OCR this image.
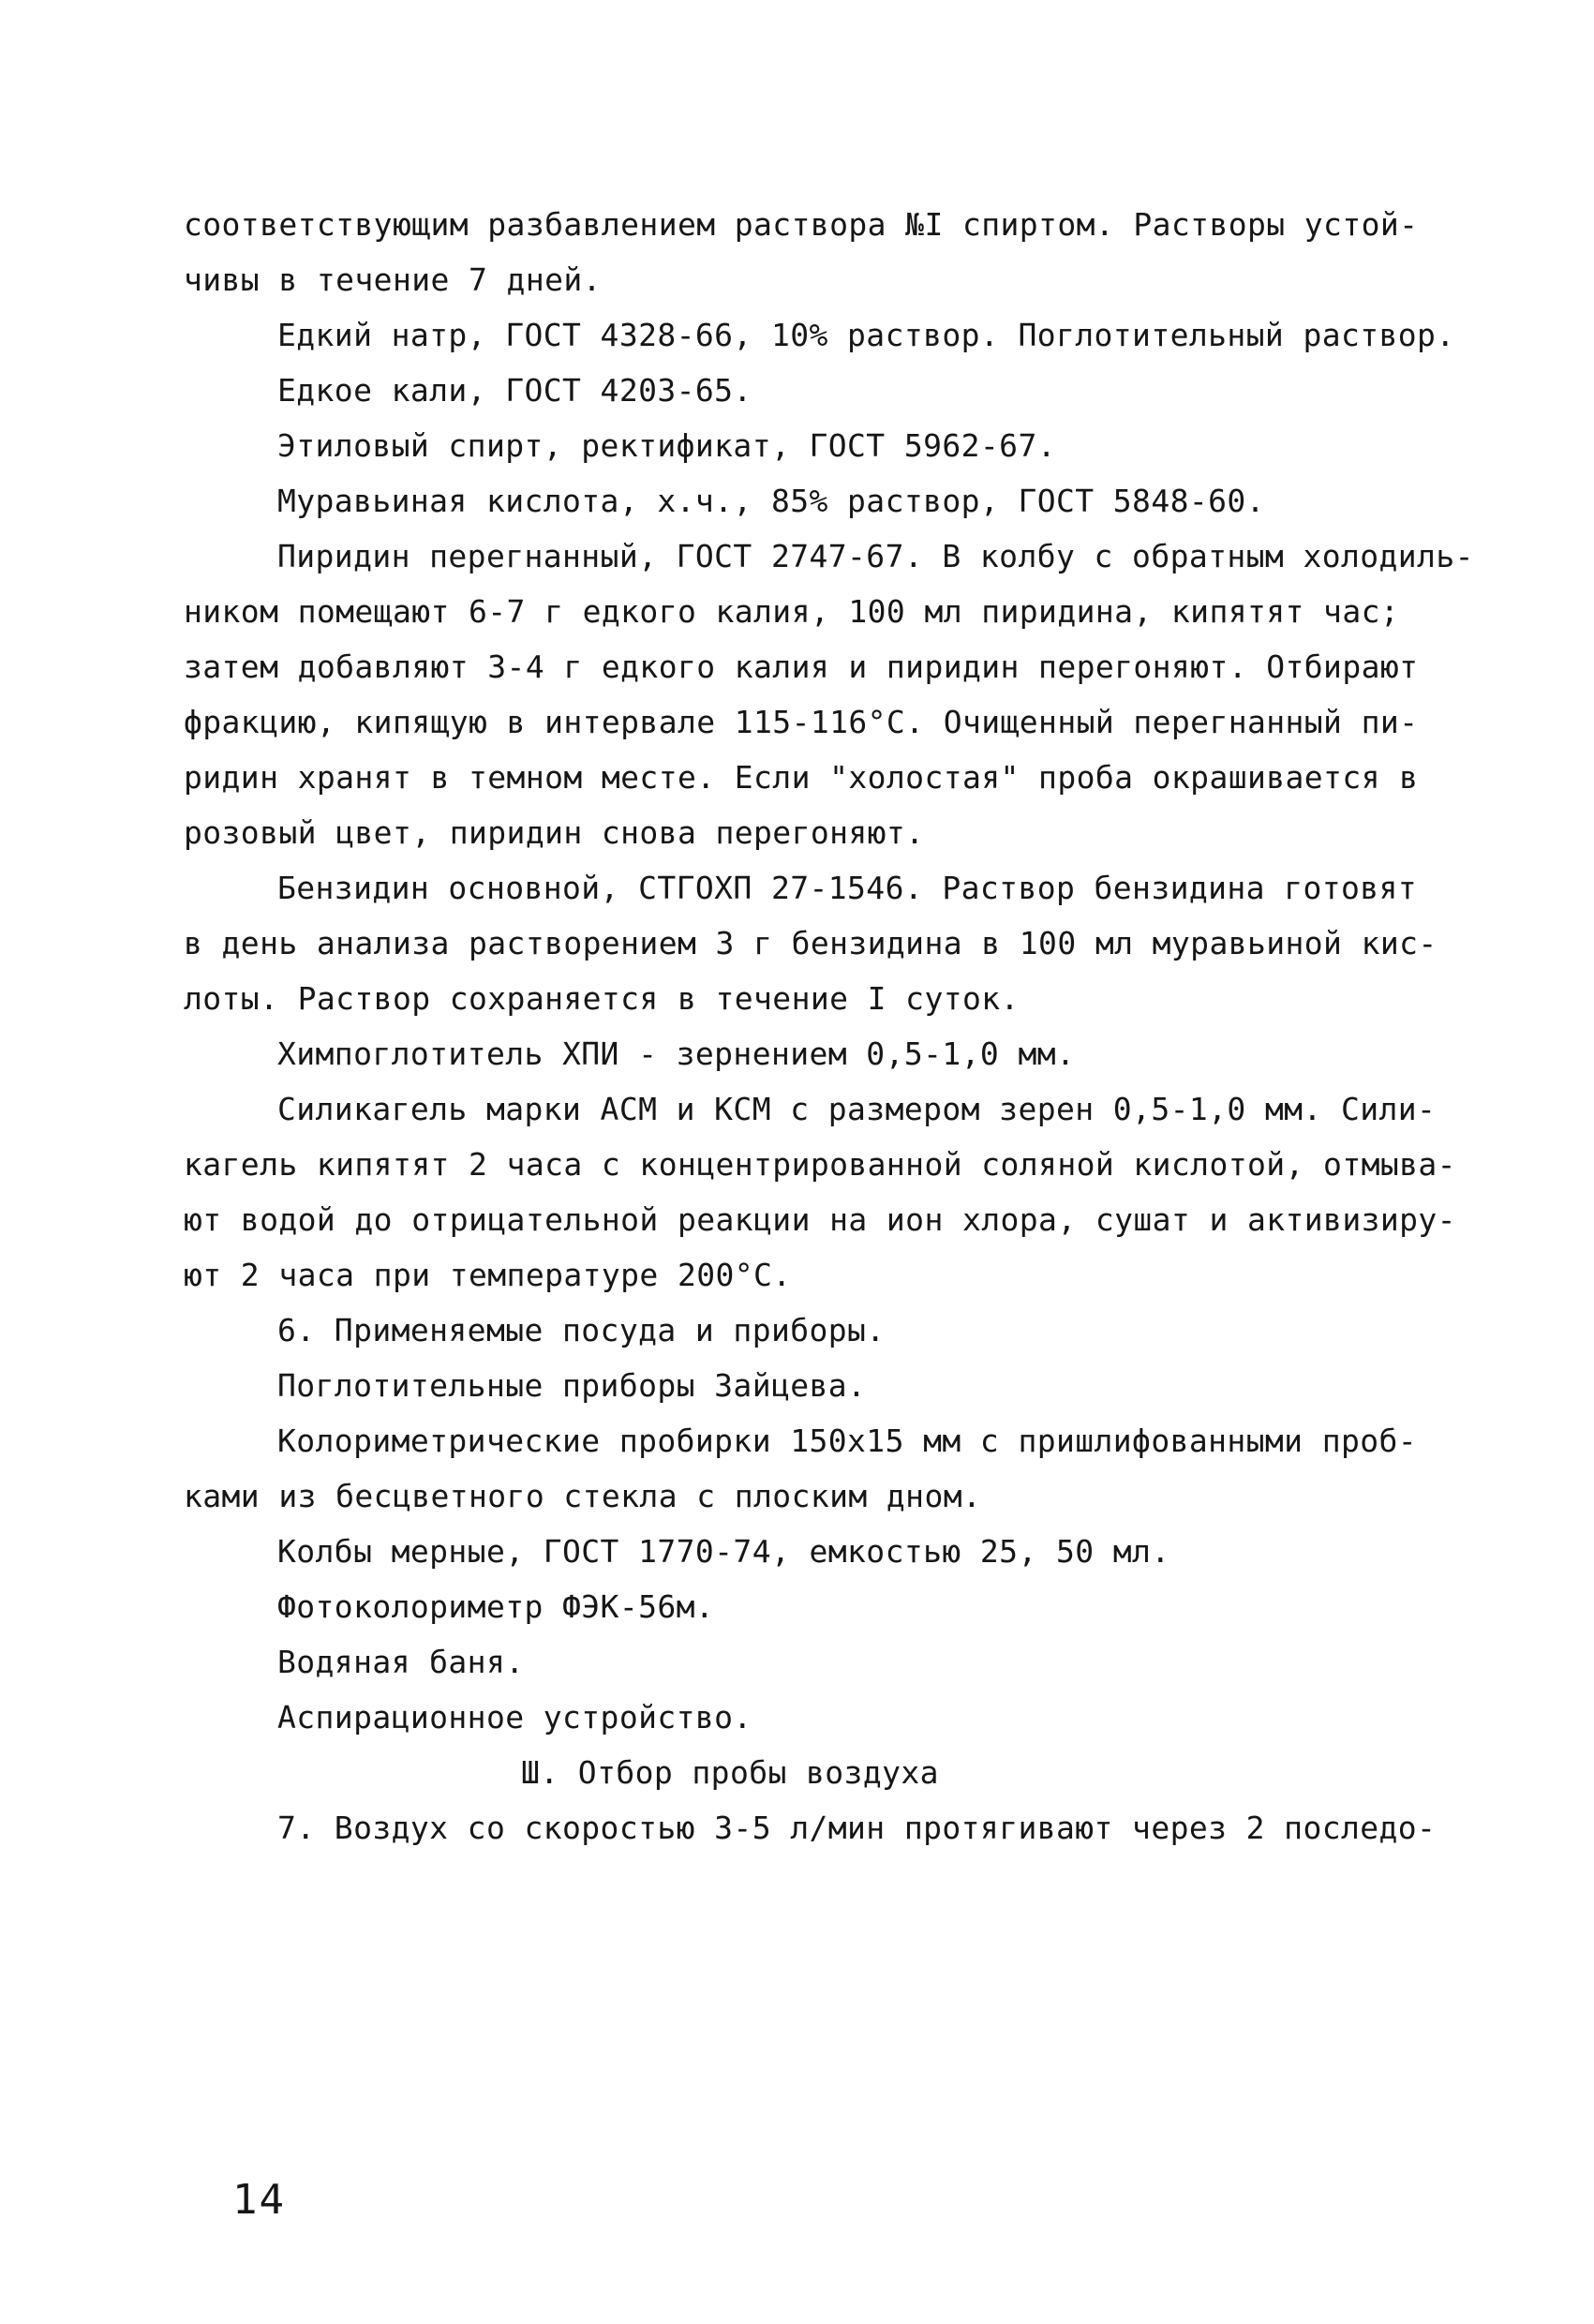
соответствующим разбавлением раствора №I спиртом. Растворы устой-

чивы в течение 7 дней.

Едкий натр, ГОСТ 4328-66, 10% раствор. Поглотительный раствор.

Едкое кали, ГОСТ 4203-65.

Этиловый спирт, ректификат, ГОСТ 5962-67.

Муравьиная кислота, х.ч., 85% раствор, ГОСТ 5848-60.

Пиридин перегнанный, ГОСТ 2747-67. В колбу с обратным холодиль-

ником помещают 6-7 г едкого калия, 100 мл пиридина, кипятят час;

затем добавляют 3-4 г едкого калия и пиридин перегоняют. Отбирают

фракцию, кипящую в интервале 115-116°С. Очищенный перегнанный пи-

ридин хранят в темном месте. Если "холостая" проба окрашивается в

розовый цвет, пиридин снова перегоняют.

Бензидин основной, СТГОХП 27-1546. Раствор бензидина готовят

в день анализа растворением 3 г бензидина в 100 мл муравьиной кис-

лоты. Раствор сохраняется в течение I суток.

Химпоглотитель ХПИ - зернением 0,5-1,0 мм.

Силикагель марки АСМ и КСМ с размером зерен 0,5-1,0 мм. Сили-

кагель кипятят 2 часа с концентрированной соляной кислотой, отмыва-

ют водой до отрицательной реакции на ион хлора, сушат и активизиру-

ют 2 часа при температуре 200°С.

6. Применяемые посуда и приборы.

Поглотительные приборы Зайцева.

Колориметрические пробирки 150х15 мм с пришлифованными проб-

ками из бесцветного стекла с плоским дном.

Колбы мерные, ГОСТ 1770-74, емкостью 25, 50 мл.

Фотоколориметр ФЭК-56м.

Водяная баня.

Аспирационное устройство.

Ш. Отбор пробы воздуха

7. Воздух со скоростью 3-5 л/мин протягивают через 2 последо-

14
